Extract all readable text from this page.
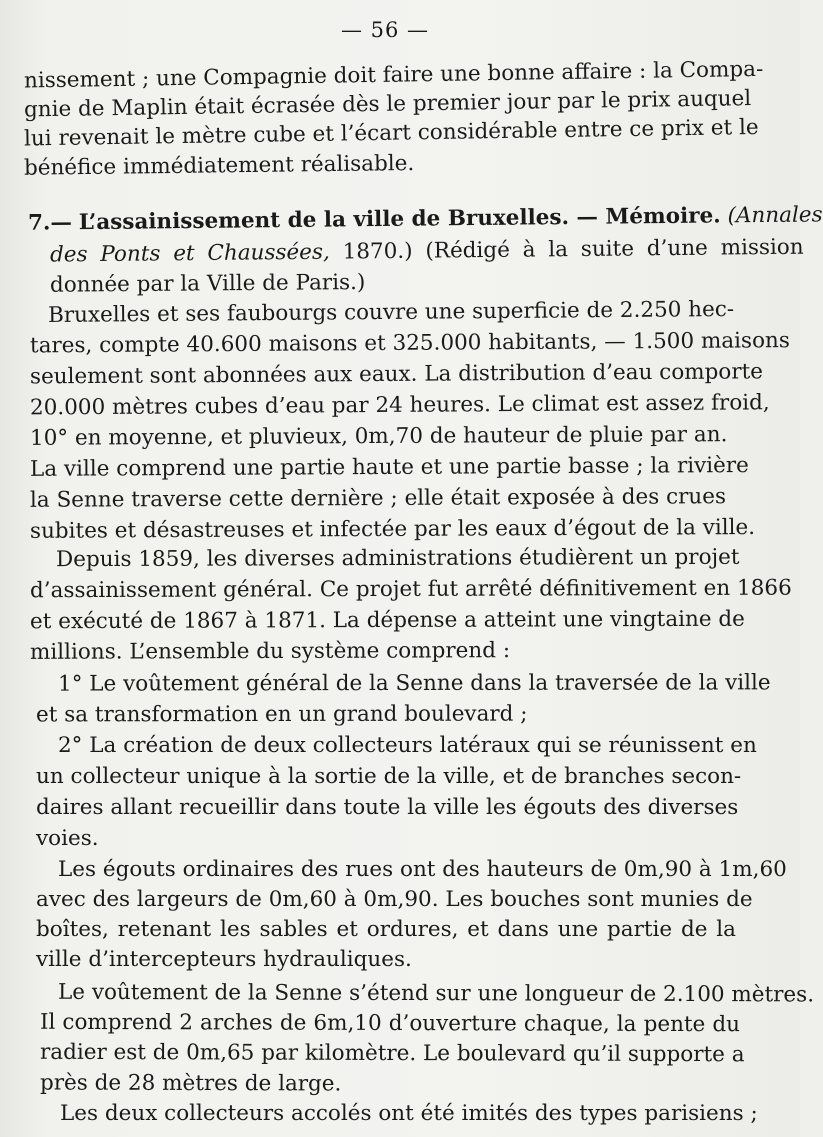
— 56 —
nissement ; une Compagnie doit faire une bonne affaire : la Compa-
gnie de Maplin était écrasée dès le premier jour par le prix auquel
lui revenait le mètre cube et l’écart considérable entre ce prix et le
bénéfice immédiatement réalisable.
7.— L’assainissement de la ville de Bruxelles. — Mémoire. (Annales
des Ponts et Chaussées, 1870.) (Rédigé à la suite d’une mission
donnée par la Ville de Paris.)
Bruxelles et ses faubourgs couvre une superficie de 2.250 hec-
tares, compte 40.600 maisons et 325.000 habitants, — 1.500 maisons
seulement sont abonnées aux eaux. La distribution d’eau comporte
20.000 mètres cubes d’eau par 24 heures. Le climat est assez froid,
10° en moyenne, et pluvieux, 0m,70 de hauteur de pluie par an.
La ville comprend une partie haute et une partie basse ; la rivière
la Senne traverse cette dernière ; elle était exposée à des crues
subites et désastreuses et infectée par les eaux d’égout de la ville.
Depuis 1859, les diverses administrations étudièrent un projet
d’assainissement général. Ce projet fut arrêté définitivement en 1866
et exécuté de 1867 à 1871. La dépense a atteint une vingtaine de
millions. L’ensemble du système comprend :
1° Le voûtement général de la Senne dans la traversée de la ville
et sa transformation en un grand boulevard ;
2° La création de deux collecteurs latéraux qui se réunissent en
un collecteur unique à la sortie de la ville, et de branches secon-
daires allant recueillir dans toute la ville les égouts des diverses
voies.
Les égouts ordinaires des rues ont des hauteurs de 0m,90 à 1m,60
avec des largeurs de 0m,60 à 0m,90. Les bouches sont munies de
boîtes, retenant les sables et ordures, et dans une partie de la
ville d’intercepteurs hydrauliques.
Le voûtement de la Senne s’étend sur une longueur de 2.100 mètres.
Il comprend 2 arches de 6m,10 d’ouverture chaque, la pente du
radier est de 0m,65 par kilomètre. Le boulevard qu’il supporte a
près de 28 mètres de large.
Les deux collecteurs accolés ont été imités des types parisiens ;
